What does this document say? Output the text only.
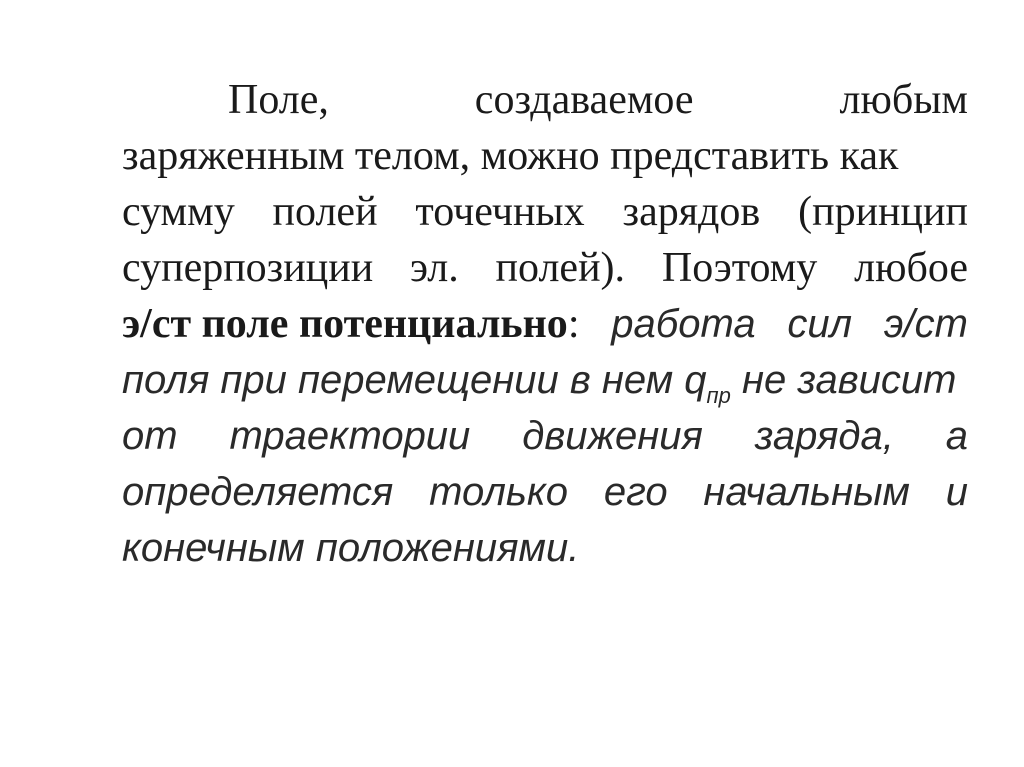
Поле,	создаваемое	любым
заряженным телом, можно представить как
сумму полей точечных зарядов (принцип
суперпозиции эл. полей). Поэтому любое
э/ст поле потенциально: работа сил э/ст
поля при перемещении в нем $q_{пр}$ не зависит
от траектории движения заряда, а
определяется только его начальным и
конечным положениями.
